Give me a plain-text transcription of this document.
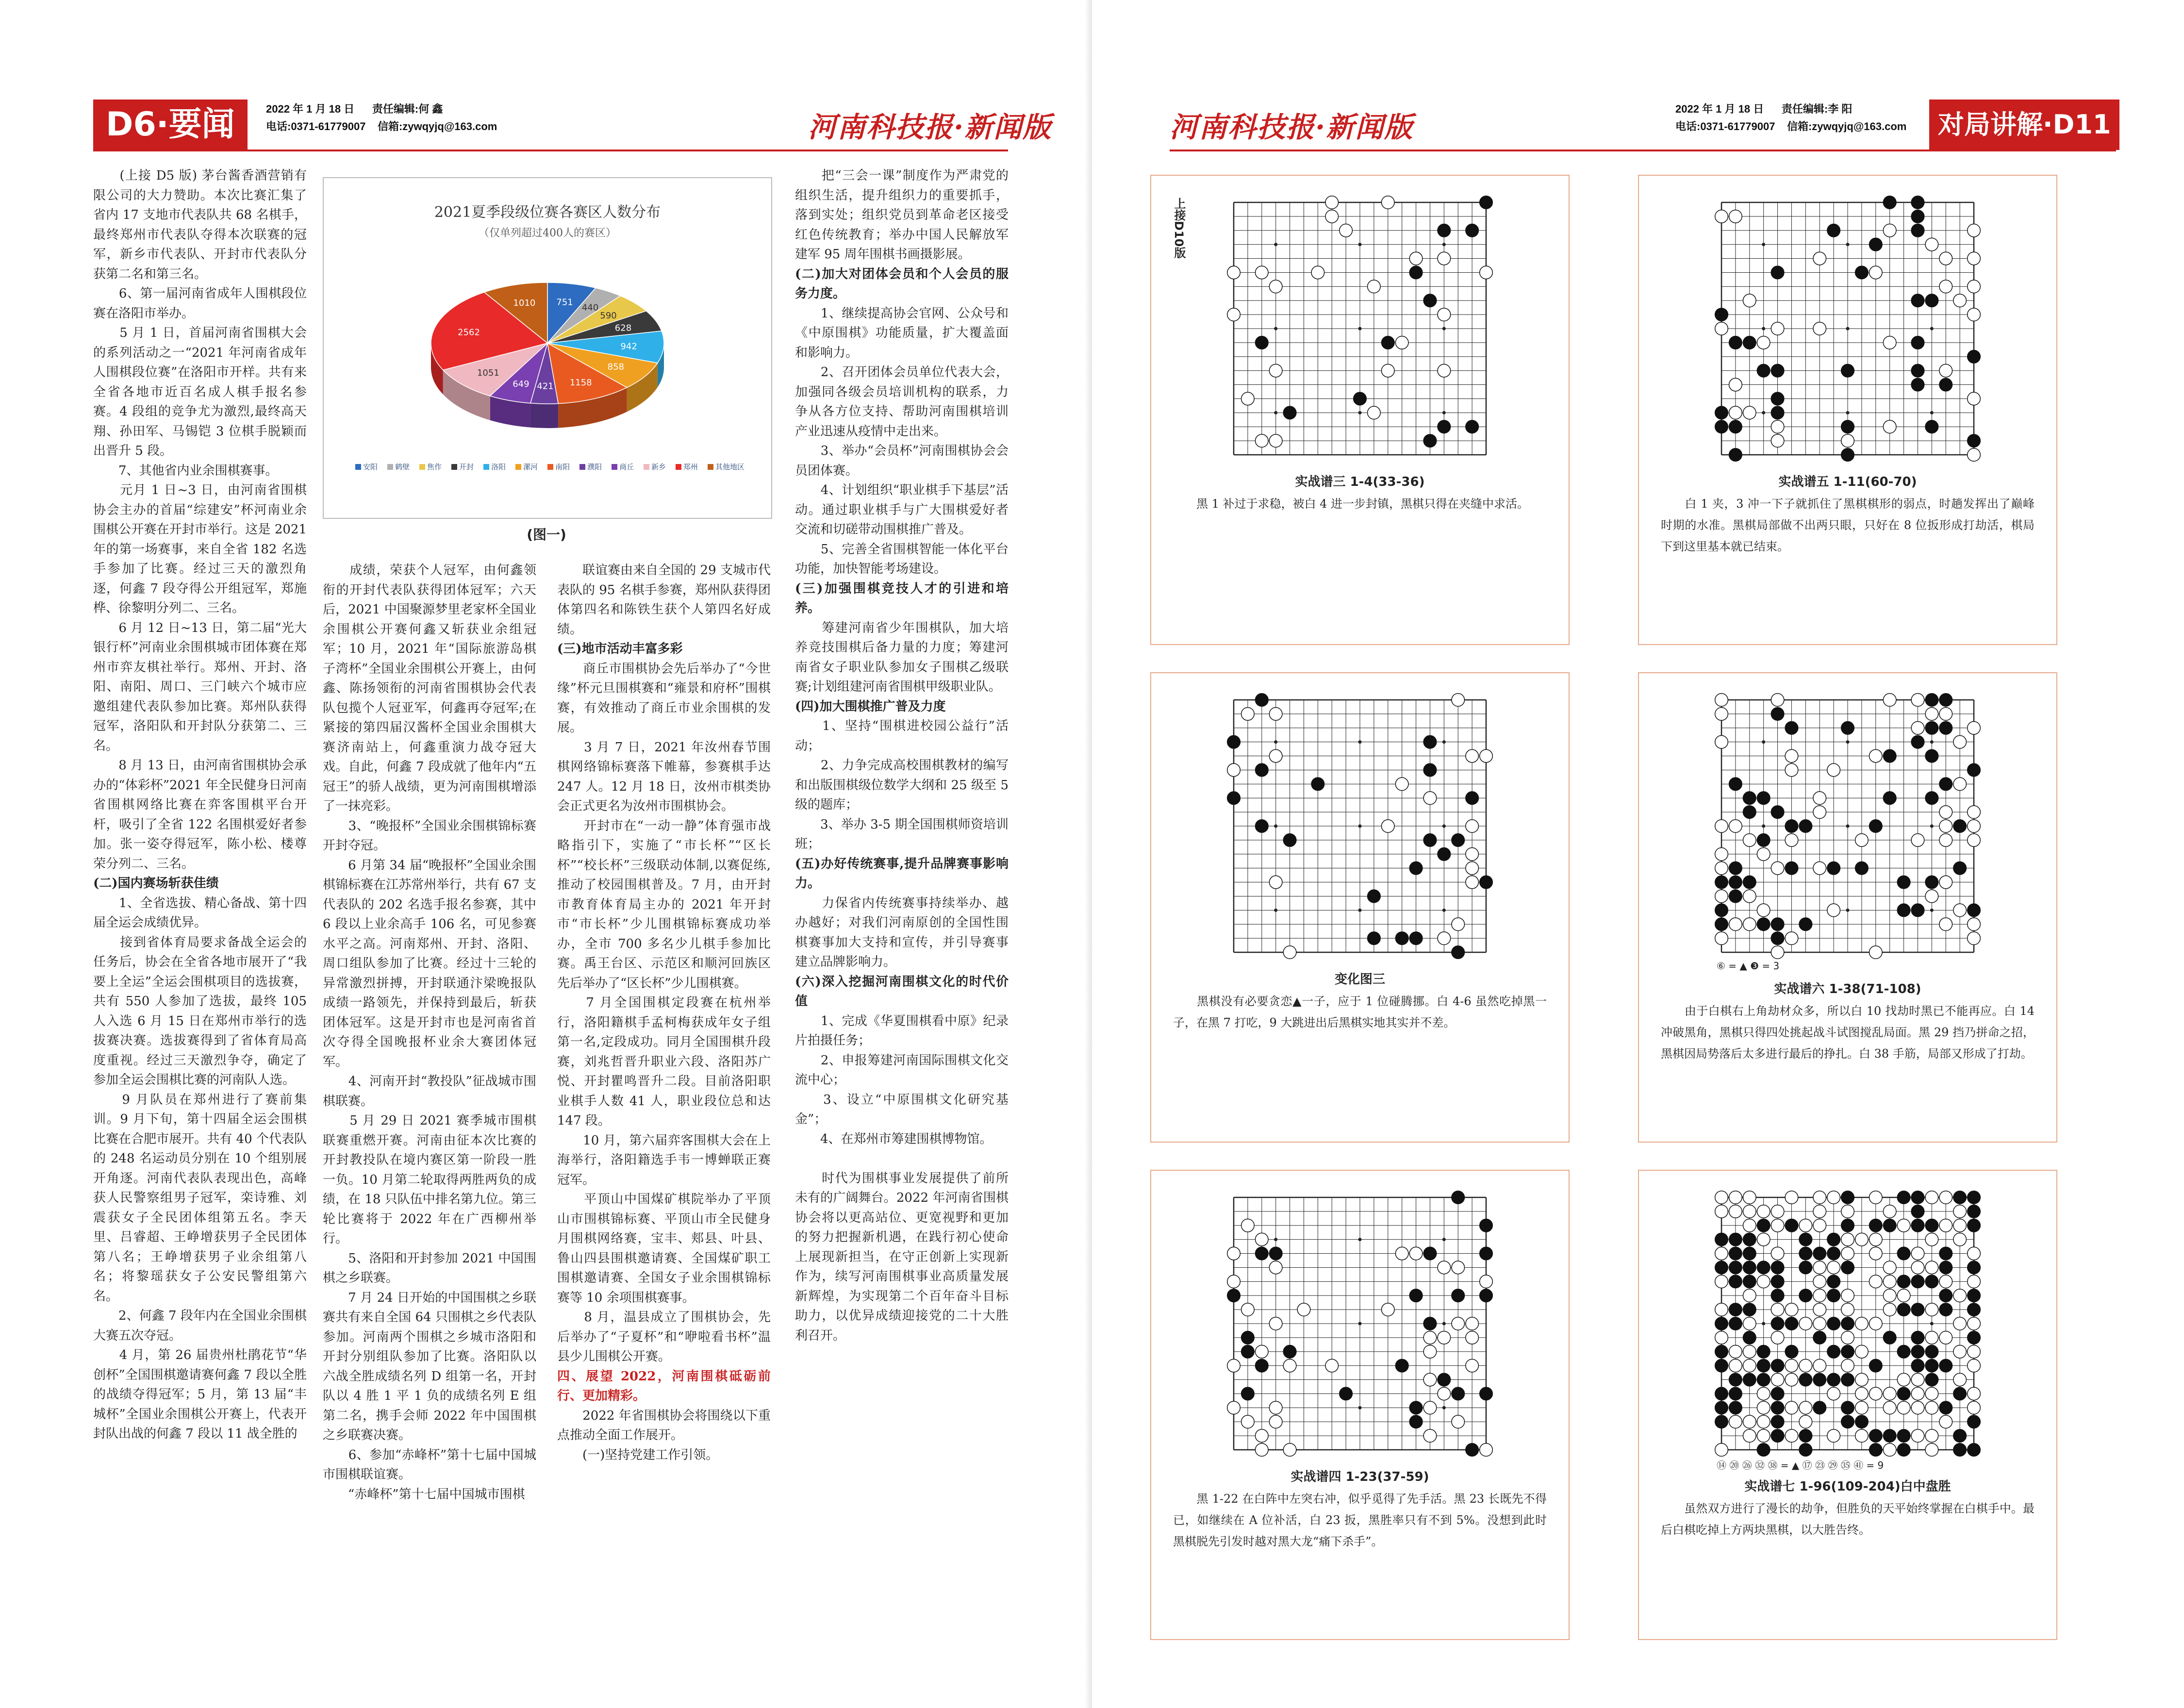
D6·要闻	2022 年 1 月 18 日 责任编辑:何 鑫
电话:0371-61779007 信箱:zywqyjq@163.com	河南科技报·新闻版
　　(上接 D5 版) 茅台酱香酒营销有限公司的大力赞助。本次比赛汇集了省内 17 支地市代表队共 68 名棋手，最终郑州市代表队夺得本次联赛的冠军，新乡市代表队、开封市代表队分获第二名和第三名。
　　6、第一届河南省成年人围棋段位赛在洛阳市举办。
　　5 月 1 日，首届河南省围棋大会的系列活动之一“2021 年河南省成年人围棋段位赛”在洛阳市开样。共有来全省各地市近百名成人棋手报名参赛。4 段组的竞争尤为激烈,最终高天翔、孙田军、马锡铠 3 位棋手脱颖而出晋升 5 段。
　　7、其他省内业余围棋赛事。
　　元月 1 日~3 日，由河南省围棋协会主办的首届“综建安”杯河南业余围棋公开赛在开封市举行。这是 2021 年的第一场赛事，来自全省 182 名选手参加了比赛。经过三天的激烈角逐，何鑫 7 段夺得公开组冠军，郑施桦、徐黎明分列二、三名。
　　6 月 12 日~13 日，第二届“光大银行杯”河南业余围棋城市团体赛在郑州市弈友棋社举行。郑州、开封、洛阳、南阳、周口、三门峡六个城市应邀组建代表队参加比赛。郑州队获得冠军，洛阳队和开封队分获第二、三名。
　　8 月 13 日，由河南省围棋协会承办的“体彩杯”2021 年全民健身日河南省围棋网络比赛在弈客围棋平台开杆，吸引了全省 122 名围棋爱好者参加。张一姿夺得冠军，陈小松、楼尊荣分列二、三名。
(二)国内赛场斩获佳绩
　　1、全省选拔、精心备战、第十四届全运会成绩优异。
　　接到省体育局要求备战全运会的任务后，协会在全省各地市展开了“我要上全运”全运会围棋项目的选拔赛，共有 550 人参加了选拔，最终 105 人入选 6 月 15 日在郑州市举行的选拔赛决赛。选拔赛得到了省体育局高度重视。经过三天激烈争夺，确定了参加全运会围棋比赛的河南队人选。
　　9 月队员在郑州进行了赛前集训。9 月下旬，第十四届全运会围棋比赛在合肥市展开。共有 40 个代表队的 248 名运动员分别在 10 个组别展开角逐。河南代表队表现出色，高峰获人民警察组男子冠军，栾诗雅、刘震获女子全民团体组第五名。李天里、吕睿超、王峥增获男子全民团体第八名；王峥增获男子业余组第八名；将黎瑶获女子公安民警组第六名。
　　2、何鑫 7 段年内在全国业余围棋大赛五次夺冠。
　　4 月，第 26 届贵州杜鹃花节“华创杯”全国围棋邀请赛何鑫 7 段以全胜的战绩夺得冠军；5 月，第 13 届“丰城杯”全国业余围棋公开赛上，代表开封队出战的何鑫 7 段以 11 战全胜的
　　成绩，荣获个人冠军，由何鑫领衔的开封代表队获得团体冠军；六天后，2021 中国聚源梦里老家杯全国业余围棋公开赛何鑫又斩获业余组冠军；10 月，2021 年“国际旅游岛棋子湾杯”全国业余围棋公开赛上，由何鑫、陈扬领衔的河南省围棋协会代表队包揽个人冠亚军，何鑫再夺冠军;在紧接的第四届汉酱杯全国业余围棋大赛济南站上，何鑫重演力战夺冠大戏。自此，何鑫 7 段成就了他年内“五冠王”的骄人战绩，更为河南围棋增添了一抹亮彩。
　　3、“晚报杯”全国业余围棋锦标赛开封夺冠。
　　6 月第 34 届“晚报杯”全国业余围棋锦标赛在江苏常州举行，共有 67 支代表队的 202 名选手报名参赛，其中 6 段以上业余高手 106 名，可见参赛水平之高。河南郑州、开封、洛阳、周口组队参加了比赛。经过十三轮的异常激烈拼搏，开封联通汴梁晚报队成绩一路领先，并保持到最后，斩获团体冠军。这是开封市也是河南省首次夺得全国晚报杯业余大赛团体冠军。
　　4、河南开封“教投队”征战城市围棋联赛。
　　5 月 29 日 2021 赛季城市围棋联赛重燃开赛。河南由征本次比赛的开封教投队在境内赛区第一阶段一胜一负。10 月第二轮取得两胜两负的成绩，在 18 只队伍中排名第九位。第三轮比赛将于 2022 年在广西柳州举行。
　　5、洛阳和开封参加 2021 中国围棋之乡联赛。
　　7 月 24 日开始的中国围棋之乡联赛共有来自全国 64 只围棋之乡代表队参加。河南两个围棋之乡城市洛阳和开封分别组队参加了比赛。洛阳队以六战全胜成绩名列 D 组第一名，开封队以 4 胜 1 平 1 负的成绩名列 E 组第二名，携手会师 2022 年中国围棋之乡联赛决赛。
　　6、参加“赤峰杯”第十七届中国城市围棋联谊赛。
　　“赤峰杯”第十七届中国城市围棋
　　联谊赛由来自全国的 29 支城市代表队的 95 名棋手参赛，郑州队获得团体第四名和陈铁生获个人第四名好成绩。
(三)地市活动丰富多彩
　　商丘市围棋协会先后举办了“今世缘”杯元旦围棋赛和“雍景和府杯”围棋赛，有效推动了商丘市业余围棋的发展。
　　3 月 7 日，2021 年汝州春节围棋网络锦标赛落下帷幕，参赛棋手达 247 人。12 月 18 日，汝州市棋类协会正式更名为汝州市围棋协会。
　　开封市在“一动一静”体育强市战略指引下，实施了“市长杯”“区长杯”“校长杯”三级联动体制,以赛促练,推动了校园围棋普及。7 月，由开封市教育体育局主办的 2021 年开封市“市长杯”少儿围棋锦标赛成功举办，全市 700 多名少儿棋手参加比赛。禹王台区、示范区和顺河回族区先后举办了“区长杯”少儿围棋赛。
　　7 月全国围棋定段赛在杭州举行，洛阳籍棋手孟柯梅获成年女子组第一名,定段成功。同月全国围棋升段赛，刘兆哲晋升职业六段、洛阳苏广悦、开封瞿鸣晋升二段。目前洛阳职业棋手人数 41 人，职业段位总和达 147 段。
　　10 月，第六届弈客围棋大会在上海举行，洛阳籍选手韦一博蝉联正赛冠军。
　　平顶山中国煤矿棋院举办了平顶山市围棋锦标赛、平顶山市全民健身月围棋网络赛，宝丰、郏县、叶县、鲁山四县围棋邀请赛、全国煤矿职工围棋邀请赛、全国女子业余围棋锦标赛等 10 余项围棋赛事。
　　8 月，温县成立了围棋协会，先后举办了“子夏杯”和“咿啦看书杯”温县少儿围棋公开赛。
四、展望 2022，河南围棋砥砺前行、更加精彩。
　　2022 年省围棋协会将围绕以下重点推动全面工作展开。
　　(一)坚持党建工作引领。
　　把“三会一课”制度作为严肃党的组织生活，提升组织力的重要抓手，落到实处；组织党员到革命老区接受红色传统教育；举办中国人民解放军建军 95 周年围棋书画摄影展。
(二)加大对团体会员和个人会员的服务力度。
　　1、继续提高协会官网、公众号和《中原围棋》功能质量，扩大覆盖面和影响力。
　　2、召开团体会员单位代表大会，加强同各级会员培训机构的联系，力争从各方位支持、帮助河南围棋培训产业迅速从疫情中走出来。
　　3、举办“会员杯”河南围棋协会会员团体赛。
　　4、计划组织“职业棋手下基层”活动。通过职业棋手与广大围棋爱好者交流和切磋带动围棋推广普及。
　　5、完善全省围棋智能一体化平台功能，加快智能考场建设。
(三)加强围棋竞技人才的引进和培养。
　　筹建河南省少年围棋队，加大培养竞技围棋后备力量的力度；筹建河南省女子职业队参加女子围棋乙级联赛;计划组建河南省围棋甲级职业队。
(四)加大围棋推广普及力度
　　1、坚持“围棋进校园公益行”活动；
　　2、力争完成高校围棋教材的编写和出版围棋级位数学大纲和 25 级至 5 级的题库；
　　3、举办 3-5 期全国围棋师资培训班；
(五)办好传统赛事,提升品牌赛事影响力。
　　力保省内传统赛事持续举办、越办越好；对我们河南原创的全国性围棋赛事加大支持和宣传，并引导赛事建立品牌影响力。
(六)深入挖掘河南围棋文化的时代价值
　　1、完成《华夏围棋看中原》纪录片拍摄任务；
　　2、申报筹建河南国际围棋文化交流中心；
　　3、设立“中原围棋文化研究基金”；
　　4、在郑州市筹建围棋博物馆。

　　时代为围棋事业发展提供了前所未有的广阔舞台。2022 年河南省围棋协会将以更高站位、更宽视野和更加的努力把握新机遇，在践行初心使命上展现新担当，在守正创新上实现新作为，续写河南围棋事业高质量发展新辉煌，为实现第二个百年奋斗目标助力，以优异成绩迎接党的二十大胜利召开。
2021夏季段级位赛各赛区人数分布
（仅单列超过400人的赛区）
751
440
590
628
942
858
1158
421
649
1051
2562
1010
安阳 鹤壁 焦作 开封 洛阳 漯河 南阳 濮阳 商丘 新乡 郑州 其他地区
(图一)
河南科技报·新闻版
2022 年 1 月 18 日 责任编辑:李 阳
电话:0371-61779007 信箱:zywqyjq@163.com	对局讲解·D11
上接D10版
实战谱三 1-4(33-36)
　　黑 1 补过于求稳，被白 4 进一步封镇，黑棋只得在夹缝中求活。
实战谱五 1-11(60-70)
　　白 1 夹，3 冲一下子就抓住了黑棋棋形的弱点，时趟发挥出了巅峰时期的水准。黑棋局部做不出两只眼，只好在 8 位扳形成打劫活，棋局下到这里基本就已结束。
变化图三
　　黑棋没有必要贪恋▲一子，应于 1 位碰腾挪。白 4-6 虽然吃掉黑一子，在黑 7 打吃，9 大跳进出后黑棋实地其实并不差。
⑥ = ▲ ❸ = 3
实战谱六 1-38(71-108)
　　由于白棋右上角劫材众多，所以白 10 找劫时黑已不能再应。白 14 冲破黑角，黑棋只得四处挑起战斗试图搅乱局面。黑 29 挡乃拼命之招，黑棋因局势落后太多进行最后的挣扎。白 38 手筋，局部又形成了打劫。
实战谱四 1-23(37-59)
　　黑 1-22 在白阵中左突右冲，似乎觅得了先手活。黑 23 长既先不得已，如继续在 A 位补活，白 23 扳，黑胜率只有不到 5%。没想到此时黑棋脱先引发时越对黑大龙“痛下杀手”。
⑭ ⑳ ㉖ ㉜ ㊳ = ▲ ⑰ ㉓ ㉙ ㉟ ㊶ = 9
实战谱七 1-96(109-204)白中盘胜
　　虽然双方进行了漫长的劫争，但胜负的天平始终掌握在白棋手中。最后白棋吃掉上方两块黑棋，以大胜告终。
